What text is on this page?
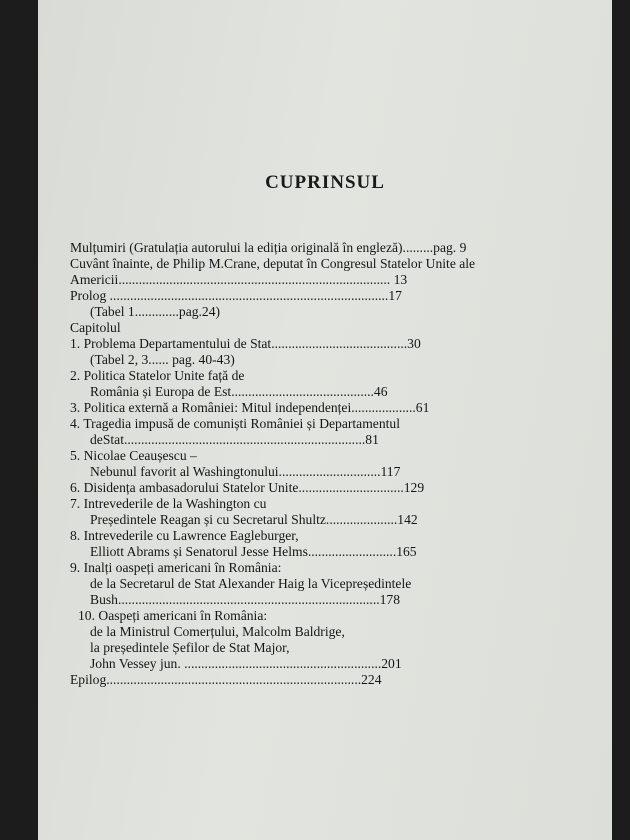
CUPRINSUL
Mulțumiri (Gratulația autorului la ediția originală în engleză).........pag. 9
Cuvânt înainte, de Philip M.Crane, deputat în Congresul Statelor Unite ale
Americii................................................................................ 13
Prolog ..................................................................................17
(Tabel 1.............pag.24)
Capitolul
1. Problema Departamentului de Stat........................................30
(Tabel 2, 3...... pag. 40-43)
2. Politica Statelor Unite față de
România și Europa de Est..........................................46
3. Politica externă a României: Mitul independenței...................61
4. Tragedia impusă de comuniști României și Departamentul
deStat.......................................................................81
5. Nicolae Ceaușescu –
Nebunul favorit al Washingtonului..............................117
6. Disidența ambasadorului Statelor Unite...............................129
7. Intrevederile de la Washington cu
Președintele Reagan și cu Secretarul Shultz.....................142
8. Intrevederile cu Lawrence Eagleburger,
Elliott Abrams și Senatorul Jesse Helms..........................165
9. Inalți oaspeți americani în România:
de la Secretarul de Stat Alexander Haig la Vicepreședintele
Bush.............................................................................178
10. Oaspeți americani în România:
de la Ministrul Comerțului, Malcolm Baldrige,
la președintele Șefilor de Stat Major,
John Vessey jun. ..........................................................201
Epilog...........................................................................224
